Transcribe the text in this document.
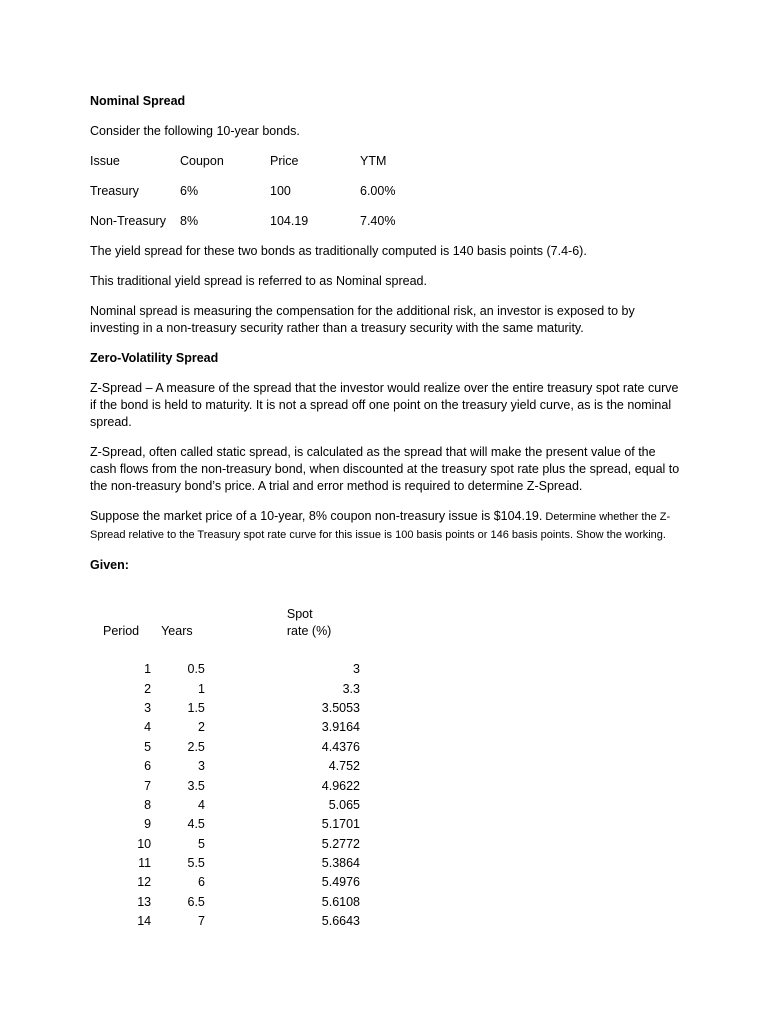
Nominal Spread
Consider the following 10-year bonds.
Issue	Coupon	Price	YTM
Treasury	6%	100	6.00%
Non-Treasury	8%	104.19	7.40%
The yield spread for these two bonds as traditionally computed is 140 basis points (7.4-6).
This traditional yield spread is referred to as Nominal spread.
Nominal spread is measuring the compensation for the additional risk, an investor is exposed to by investing in a non-treasury security rather than a treasury security with the same maturity.
Zero-Volatility Spread
Z-Spread – A measure of the spread that the investor would realize over the entire treasury spot rate curve if the bond is held to maturity. It is not a spread off one point on the treasury yield curve, as is the nominal spread.
Z-Spread, often called static spread, is calculated as the spread that will make the present value of the cash flows from the non-treasury bond, when discounted at the treasury spot rate plus the spread, equal to the non-treasury bond’s price. A trial and error method is required to determine Z-Spread.
Suppose the market price of a 10-year, 8% coupon non-treasury issue is $104.19. Determine whether the Z-Spread relative to the Treasury spot rate curve for this issue is 100 basis points or 146 basis points. Show the working.
Given:
Period	Years	Spot
rate (%)

1	0.5	3
2	1	3.3
3	1.5	3.5053
4	2	3.9164
5	2.5	4.4376
6	3	4.752
7	3.5	4.9622
8	4	5.065
9	4.5	5.1701
10	5	5.2772
11	5.5	5.3864
12	6	5.4976
13	6.5	5.6108
14	7	5.6643
